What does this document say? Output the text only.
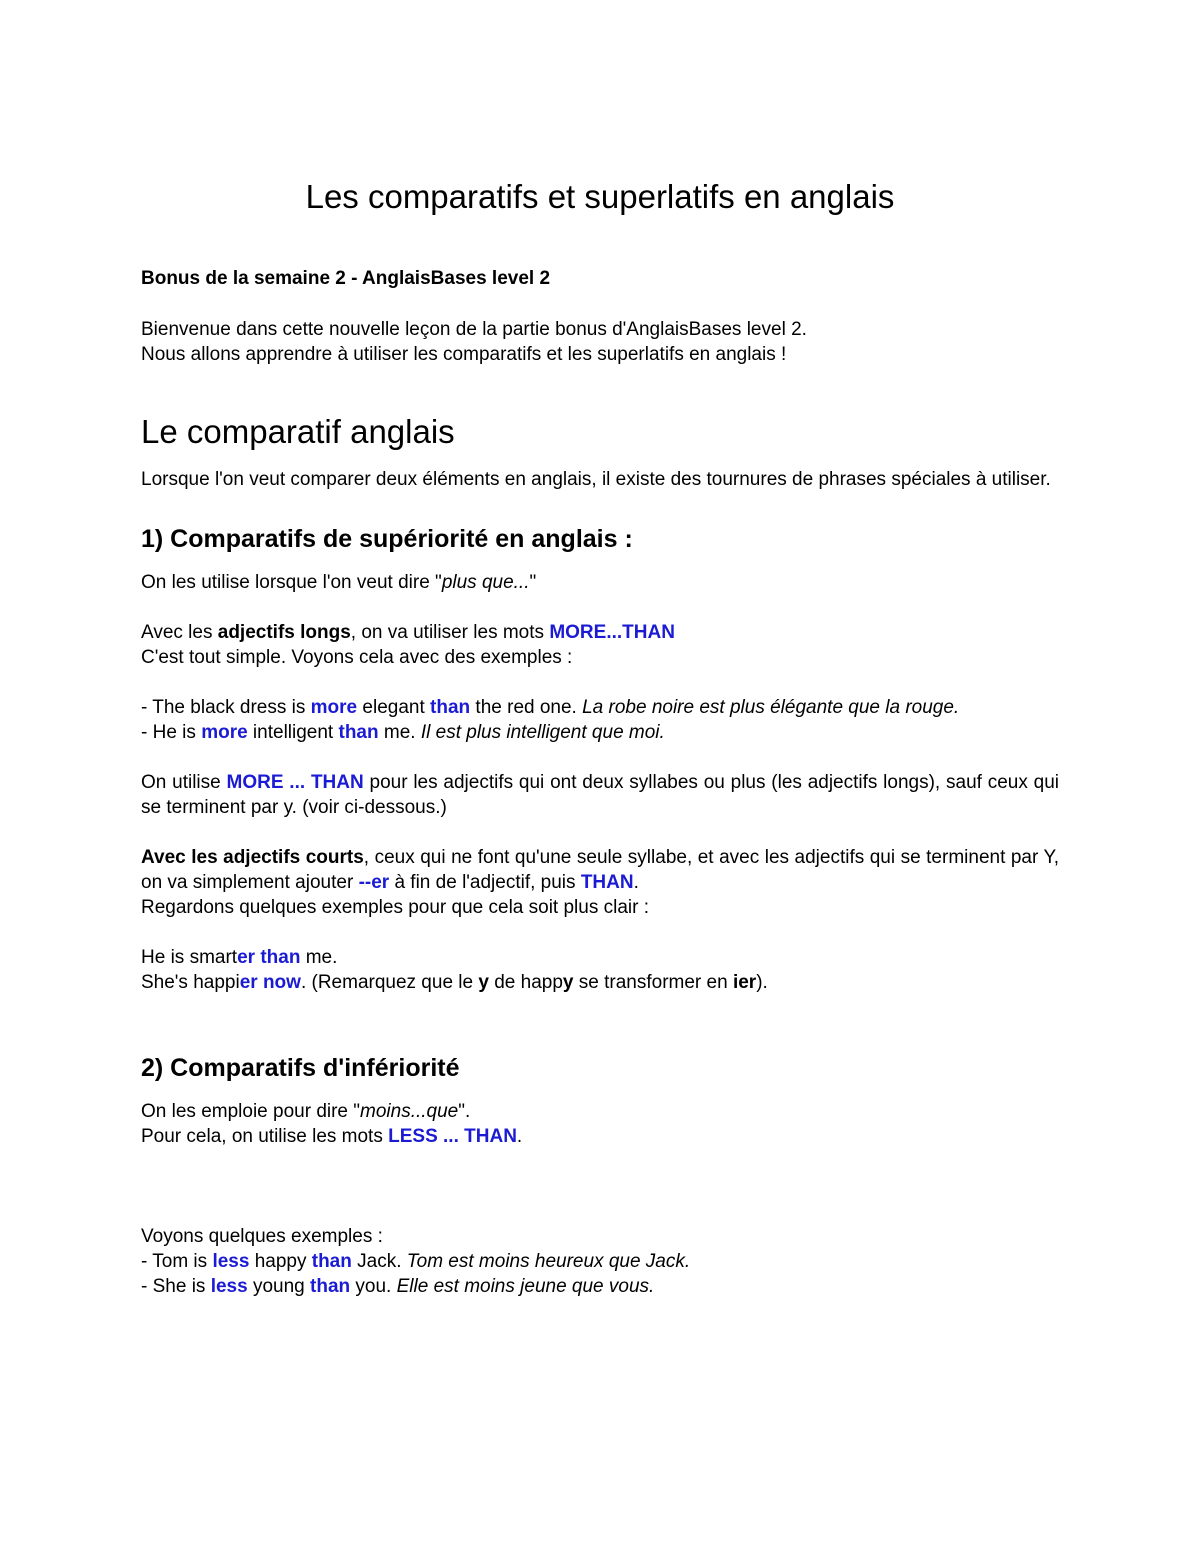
Les comparatifs et superlatifs en anglais
Bonus de la semaine 2 - AnglaisBases level 2

Bienvenue dans cette nouvelle leçon de la partie bonus d'AnglaisBases level 2.

Nous allons apprendre à utiliser les comparatifs et les superlatifs en anglais !

Le comparatif anglais

Lorsque l'on veut comparer deux éléments en anglais, il existe des tournures de phrases spéciales à utiliser.

1) Comparatifs de supériorité en anglais :

On les utilise lorsque l'on veut dire "plus que..."

Avec les adjectifs longs, on va utiliser les mots MORE...THAN

C'est tout simple. Voyons cela avec des exemples :

- The black dress is more elegant than the red one. La robe noire est plus élégante que la rouge.

- He is more intelligent than me. Il est plus intelligent que moi.

On utilise MORE ... THAN pour les adjectifs qui ont deux syllabes ou plus (les adjectifs longs), sauf ceux qui se terminent par y. (voir ci-dessous.)

Avec les adjectifs courts, ceux qui ne font qu'une seule syllabe, et avec les adjectifs qui se terminent par Y, on va simplement ajouter --er à fin de l'adjectif, puis THAN.

Regardons quelques exemples pour que cela soit plus clair :

He is smarter than me.

She's happier now. (Remarquez que le y de happy se transformer en ier).

2) Comparatifs d'infériorité

On les emploie pour dire "moins...que".

Pour cela, on utilise les mots LESS ... THAN.

Voyons quelques exemples :

- Tom is less happy than Jack. Tom est moins heureux que Jack.

- She is less young than you. Elle est moins jeune que vous.
